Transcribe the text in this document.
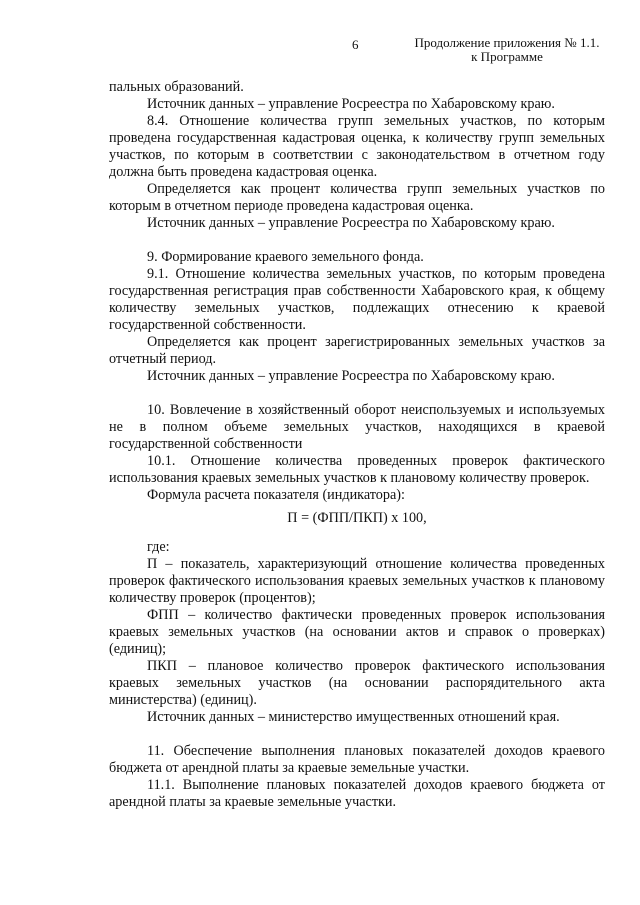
6	Продолжение приложения № 1.1.
к Программе

пальных образований.

Источник данных – управление Росреестра по Хабаровскому краю.

8.4. Отношение количества групп земельных участков, по которым проведена государственная кадастровая оценка, к количеству групп земельных участков, по которым в соответствии с законодательством в отчетном году должна быть проведена кадастровая оценка.

Определяется как процент количества групп земельных участков по которым в отчетном периоде проведена кадастровая оценка.

Источник данных – управление Росреестра по Хабаровскому краю.

9. Формирование краевого земельного фонда.

9.1. Отношение количества земельных участков, по которым проведена государственная регистрация прав собственности Хабаровского края, к общему количеству земельных участков, подлежащих отнесению к краевой государственной собственности.

Определяется как процент зарегистрированных земельных участков за отчетный период.

Источник данных – управление Росреестра по Хабаровскому краю.

10. Вовлечение в хозяйственный оборот неиспользуемых и используемых не в полном объеме земельных участков, находящихся в краевой государственной собственности

10.1. Отношение количества проведенных проверок фактического использования краевых земельных участков к плановому количеству проверок.

Формула расчета показателя (индикатора):

П = (ФПП/ПКП) х 100,

где:

П – показатель, характеризующий отношение количества проведенных проверок фактического использования краевых земельных участков к плановому количеству проверок (процентов);

ФПП – количество фактически проведенных проверок использования краевых земельных участков (на основании актов и справок о проверках) (единиц);

ПКП – плановое количество проверок фактического использования краевых земельных участков (на основании распорядительного акта министерства) (единиц).

Источник данных – министерство имущественных отношений края.

11. Обеспечение выполнения плановых показателей доходов краевого бюджета от арендной платы за краевые земельные участки.

11.1. Выполнение плановых показателей доходов краевого бюджета от арендной платы за краевые земельные участки.
